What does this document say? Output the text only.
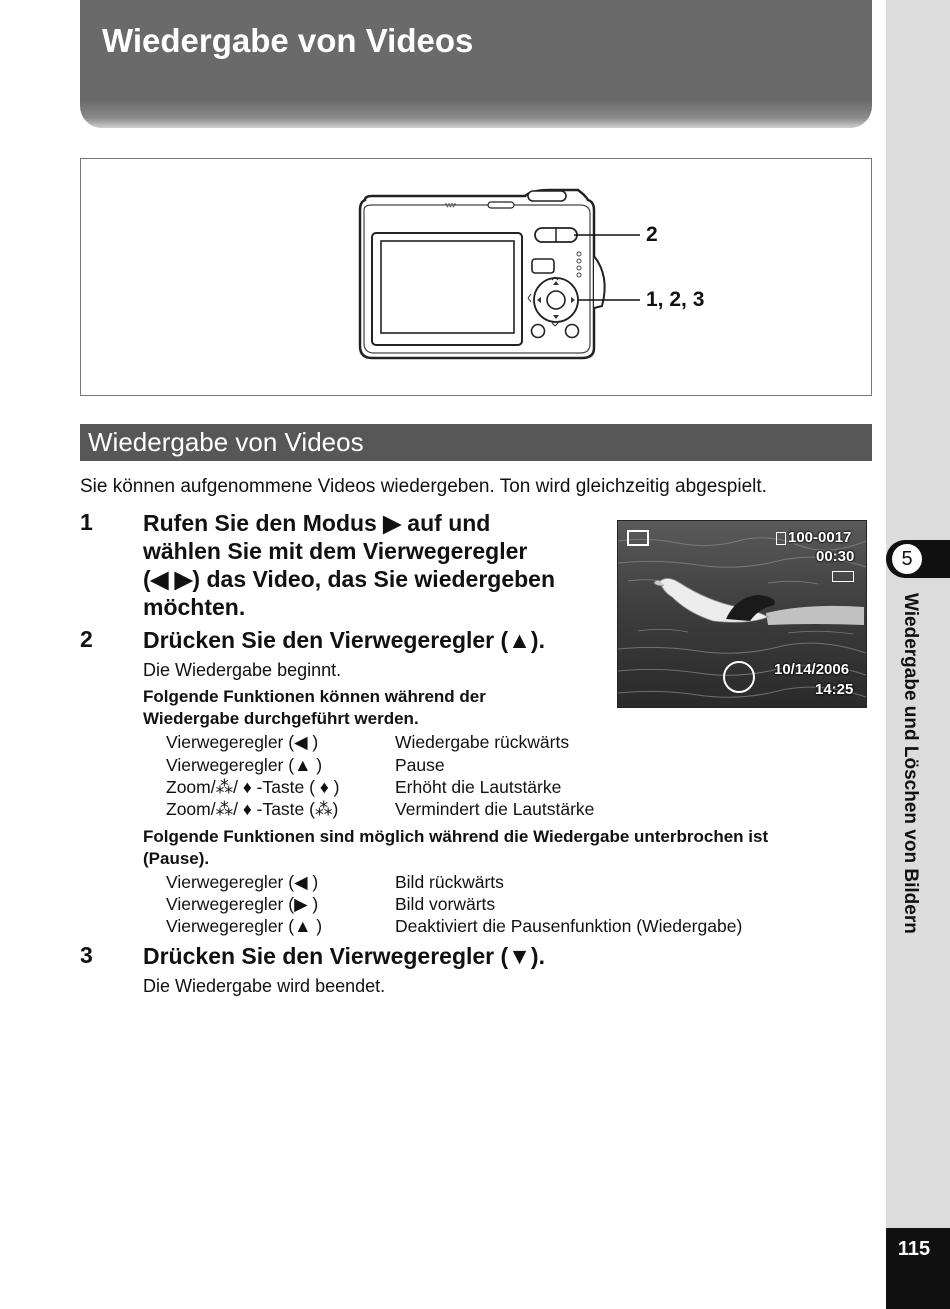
Wiedergabe von Videos
5
Wiedergabe und Löschen von Bildern
115
2
1, 2, 3
Wiedergabe von Videos
Sie können aufgenommene Videos wiedergeben. Ton wird gleichzeitig abgespielt.
1 Rufen Sie den Modus ▶ auf und
wählen Sie mit dem Vierwegeregler
(◀ ▶) das Video, das Sie wiedergeben
möchten.
2 Drücken Sie den Vierwegeregler (▲).
Die Wiedergabe beginnt.
Folgende Funktionen können während der
Wiedergabe durchgeführt werden.
Vierwegeregler (◀ )	Wiedergabe rückwärts
Vierwegeregler (▲ )	Pause
Zoom/⁂/ ♦ -Taste ( ♦ )	Erhöht die Lautstärke
Zoom/⁂/ ♦ -Taste (⁂)	Vermindert die Lautstärke
Folgende Funktionen sind möglich während die Wiedergabe unterbrochen ist
(Pause).
Vierwegeregler (◀ )	Bild rückwärts
Vierwegeregler (▶ )	Bild vorwärts
Vierwegeregler (▲ )	Deaktiviert die Pausenfunktion (Wiedergabe)
3 Drücken Sie den Vierwegeregler (▼).
Die Wiedergabe wird beendet.
100-0017
00:30
10/14/2006
14:25
